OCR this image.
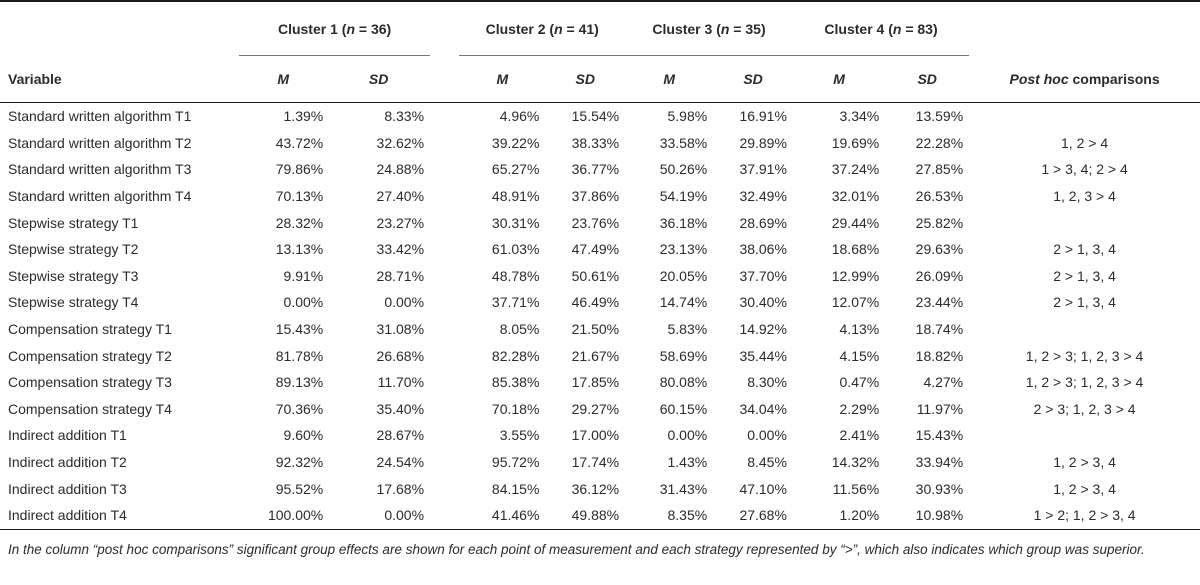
	Cluster 1 (n = 36)			Cluster 2 (n = 41)		Cluster 3 (n = 35)		Cluster 4 (n = 83)		
Variable	M	SD		M	SD	M	SD	M	SD	Post hoc comparisons
Standard written algorithm T1	1.39%	8.33%		4.96%	15.54%	5.98%	16.91%	3.34%	13.59%	
Standard written algorithm T2	43.72%	32.62%		39.22%	38.33%	33.58%	29.89%	19.69%	22.28%	1, 2 > 4
Standard written algorithm T3	79.86%	24.88%		65.27%	36.77%	50.26%	37.91%	37.24%	27.85%	1 > 3, 4; 2 > 4
Standard written algorithm T4	70.13%	27.40%		48.91%	37.86%	54.19%	32.49%	32.01%	26.53%	1, 2, 3 > 4
Stepwise strategy T1	28.32%	23.27%		30.31%	23.76%	36.18%	28.69%	29.44%	25.82%	
Stepwise strategy T2	13.13%	33.42%		61.03%	47.49%	23.13%	38.06%	18.68%	29.63%	2 > 1, 3, 4
Stepwise strategy T3	9.91%	28.71%		48.78%	50.61%	20.05%	37.70%	12.99%	26.09%	2 > 1, 3, 4
Stepwise strategy T4	0.00%	0.00%		37.71%	46.49%	14.74%	30.40%	12.07%	23.44%	2 > 1, 3, 4
Compensation strategy T1	15.43%	31.08%		8.05%	21.50%	5.83%	14.92%	4.13%	18.74%	
Compensation strategy T2	81.78%	26.68%		82.28%	21.67%	58.69%	35.44%	4.15%	18.82%	1, 2 > 3; 1, 2, 3 > 4
Compensation strategy T3	89.13%	11.70%		85.38%	17.85%	80.08%	8.30%	0.47%	4.27%	1, 2 > 3; 1, 2, 3 > 4
Compensation strategy T4	70.36%	35.40%		70.18%	29.27%	60.15%	34.04%	2.29%	11.97%	2 > 3; 1, 2, 3 > 4
Indirect addition T1	9.60%	28.67%		3.55%	17.00%	0.00%	0.00%	2.41%	15.43%	
Indirect addition T2	92.32%	24.54%		95.72%	17.74%	1.43%	8.45%	14.32%	33.94%	1, 2 > 3, 4
Indirect addition T3	95.52%	17.68%		84.15%	36.12%	31.43%	47.10%	11.56%	30.93%	1, 2 > 3, 4
Indirect addition T4	100.00%	0.00%		41.46%	49.88%	8.35%	27.68%	1.20%	10.98%	1 > 2; 1, 2 > 3, 4
In the column “post hoc comparisons” significant group effects are shown for each point of measurement and each strategy represented by “>”, which also indicates which group was superior.
